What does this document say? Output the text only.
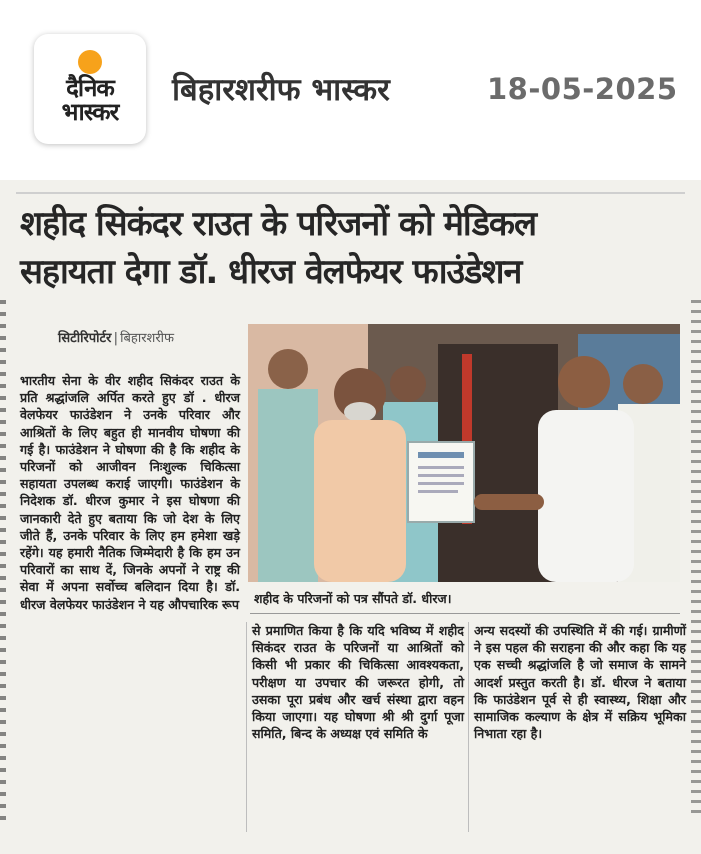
दैनिक
भास्कर
बिहारशरीफ भास्कर	18-05-2025
शहीद सिकंदर राउत के परिजनों को मेडिकल
सहायता देगा डॉ. धीरज वेलफेयर फाउंडेशन
सिटीरिपोर्टर | बिहारशरीफ

भारतीय सेना के वीर शहीद सिकंदर राउत के प्रति श्रद्धांजलि अर्पित करते हुए डॉ . धीरज वेलफेयर फाउंडेशन ने उनके परिवार और आश्रितों के लिए बहुत ही मानवीय घोषणा की गई है। फाउंडेशन ने घोषणा की है कि शहीद के परिजनों को आजीवन निःशुल्क चिकित्सा सहायता उपलब्ध कराई जाएगी। फाउंडेशन के निदेशक डॉ. धीरज कुमार ने इस घोषणा की जानकारी देते हुए बताया कि जो देश के लिए जीते हैं, उनके परिवार के लिए हम हमेशा खड़े रहेंगे। यह हमारी नैतिक जिम्मेदारी है कि हम उन परिवारों का साथ दें, जिनके अपनों ने राष्ट्र की सेवा में अपना सर्वोच्च बलिदान दिया है। डॉ. धीरज वेलफेयर फाउंडेशन ने यह औपचारिक रूप	शहीद के परिजनों को पत्र सौंपते डॉ. धीरज।

से प्रमाणित किया है कि यदि भविष्य में शहीद सिकंदर राउत के परिजनों या आश्रितों को किसी भी प्रकार की चिकित्सा आवश्यकता, परीक्षण या उपचार की जरूरत होगी, तो उसका पूरा प्रबंध और खर्च संस्था द्वारा वहन किया जाएगा। यह घोषणा श्री श्री दुर्गा पूजा समिति, बिन्द के अध्यक्ष एवं समिति के

अन्य सदस्यों की उपस्थिति में की गई। ग्रामीणों ने इस पहल की सराहना की और कहा कि यह एक सच्ची श्रद्धांजलि है जो समाज के सामने आदर्श प्रस्तुत करती है। डॉ. धीरज ने बताया कि फाउंडेशन पूर्व से ही स्वास्थ्य, शिक्षा और सामाजिक कल्याण के क्षेत्र में सक्रिय भूमिका निभाता रहा है।
